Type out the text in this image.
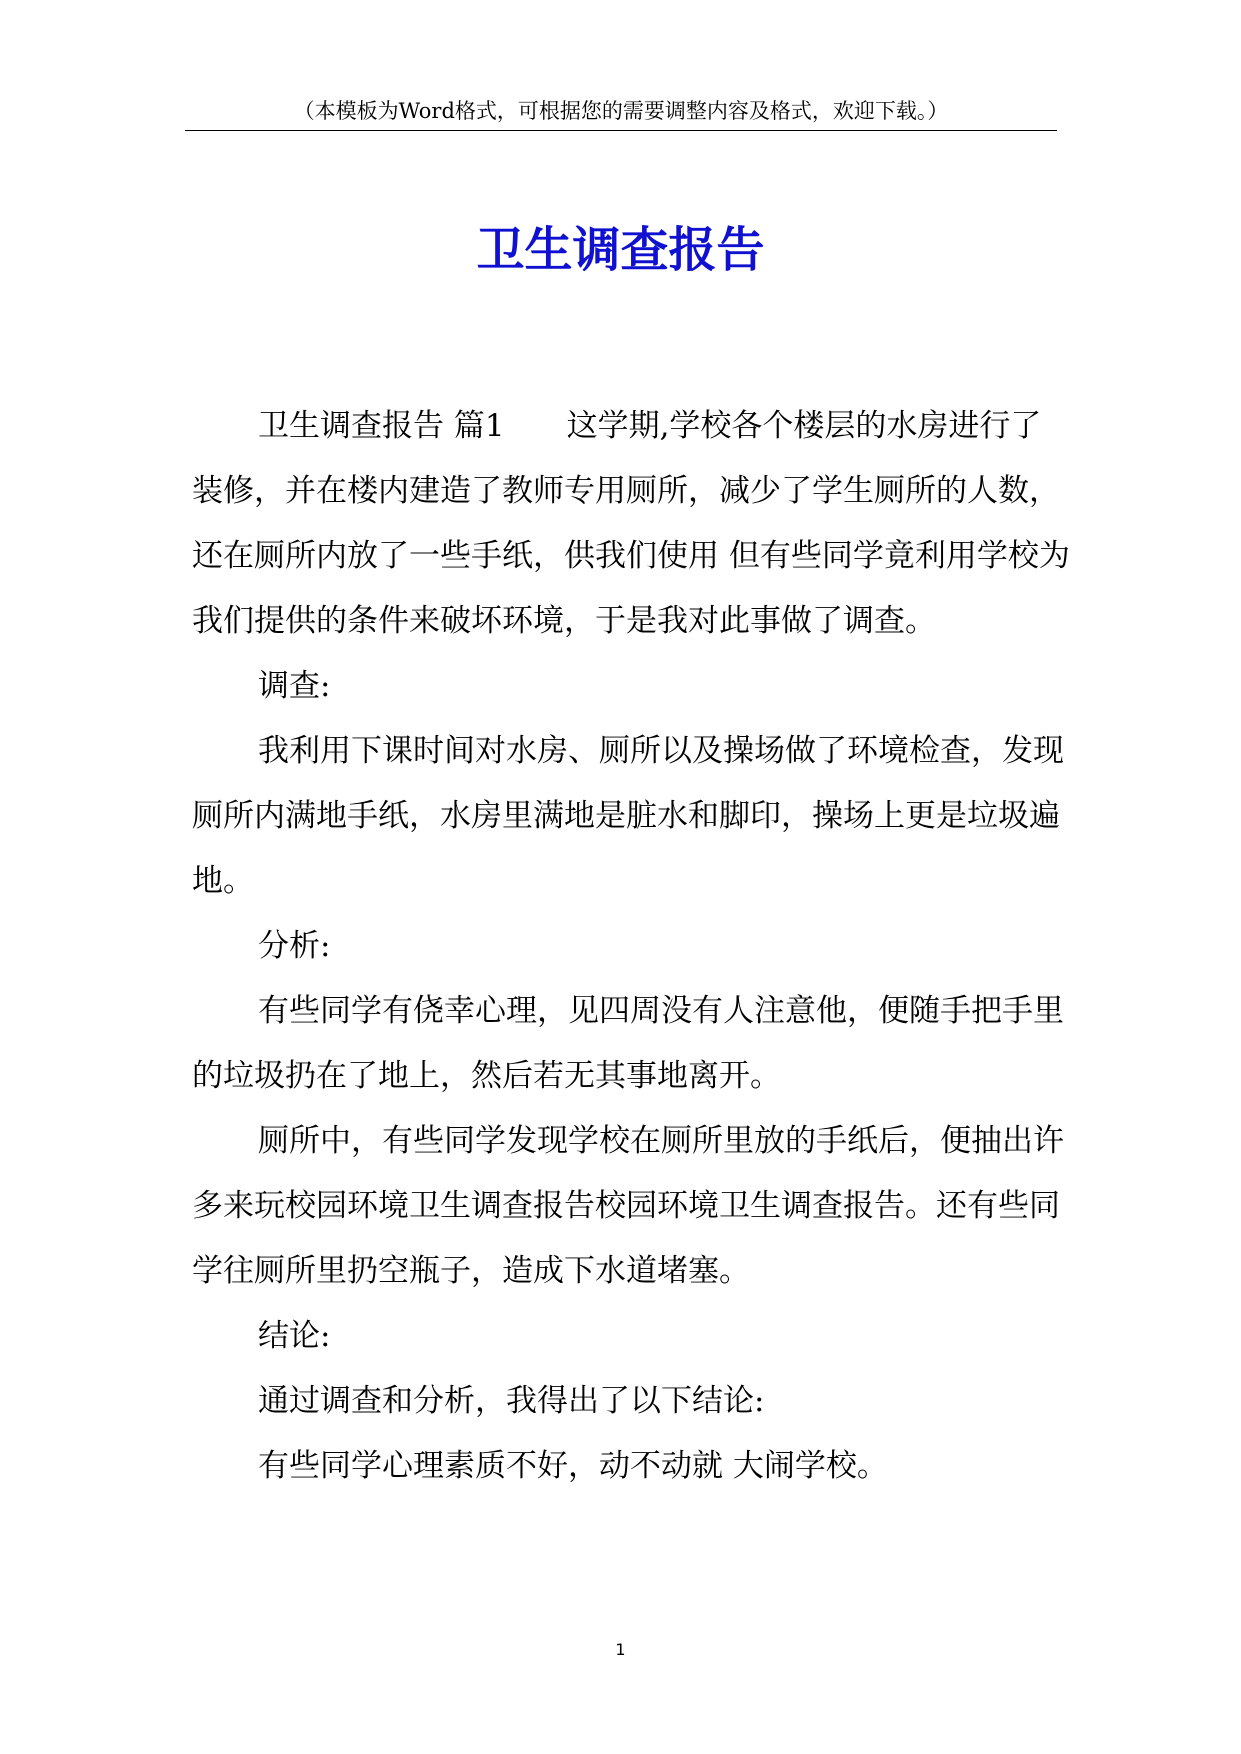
（本模板为Word格式，可根据您的需要调整内容及格式，欢迎下载。）
卫生调查报告

卫生调查报告 篇1　　这学期,学校各个楼层的水房进行了装修，并在楼内建造了教师专用厕所，减少了学生厕所的人数，还在厕所内放了一些手纸，供我们使用 但有些同学竟利用学校为我们提供的条件来破坏环境，于是我对此事做了调查。

调查:

我利用下课时间对水房、厕所以及操场做了环境检查，发现厕所内满地手纸，水房里满地是脏水和脚印，操场上更是垃圾遍地。

分析:

有些同学有侥幸心理，见四周没有人注意他，便随手把手里的垃圾扔在了地上，然后若无其事地离开。

厕所中，有些同学发现学校在厕所里放的手纸后，便抽出许多来玩校园环境卫生调查报告校园环境卫生调查报告。还有些同学往厕所里扔空瓶子，造成下水道堵塞。

结论:

通过调查和分析，我得出了以下结论:

有些同学心理素质不好，动不动就 大闹学校。

1
